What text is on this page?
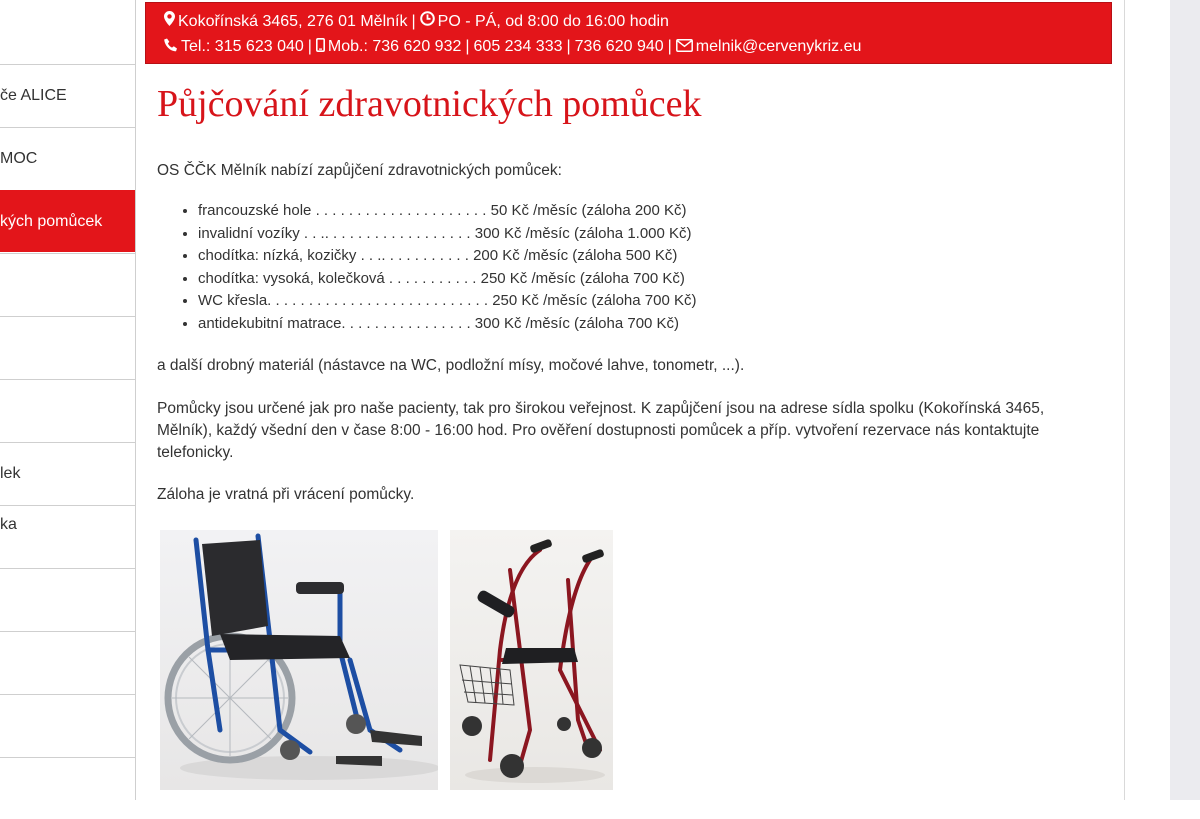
če ALICE
MOC
kých pomůcek
lek
ka
Kokořínská 3465, 276 01 Mělník | PO - PÁ, od 8:00 do 16:00 hodin
Tel.: 315 623 040 | Mob.: 736 620 932 | 605 234 333 | 736 620 940 | melnik@cervenykriz.eu
Půjčování zdravotnických pomůcek

OS ČČK Mělník nabízí zapůjčení zdravotnických pomůcek:

• francouzské hole . . . . . . . . . . . . . . . . . . . . . 50 Kč /měsíc (záloha 200 Kč)
• invalidní vozíky . . .. . . . . . . . . . . . . . . . . . 300 Kč /měsíc (záloha 1.000 Kč)
• chodítka: nízká, kozičky . . .. . . . . . . . . . . 200 Kč /měsíc (záloha 500 Kč)
• chodítka: vysoká, kolečková . . . . . . . . . . . 250 Kč /měsíc (záloha 700 Kč)
• WC křesla. . . . . . . . . . . . . . . . . . . . . . . . . . . 250 Kč /měsíc (záloha 700 Kč)
• antidekubitní matrace. . . . . . . . . . . . . . . . 300 Kč /měsíc (záloha 700 Kč)

a další drobný materiál (nástavce na WC, podložní mísy, močové lahve, tonometr, ...).

Pomůcky jsou určené jak pro naše pacienty, tak pro širokou veřejnost. K zapůjčení jsou na adrese sídla spolku (Kokořínská 3465, Mělník), každý všední den v čase 8:00 - 16:00 hod. Pro ověření dostupnosti pomůcek a příp. vytvoření rezervace nás kontaktujte telefonicky.

Záloha je vratná při vrácení pomůcky.
